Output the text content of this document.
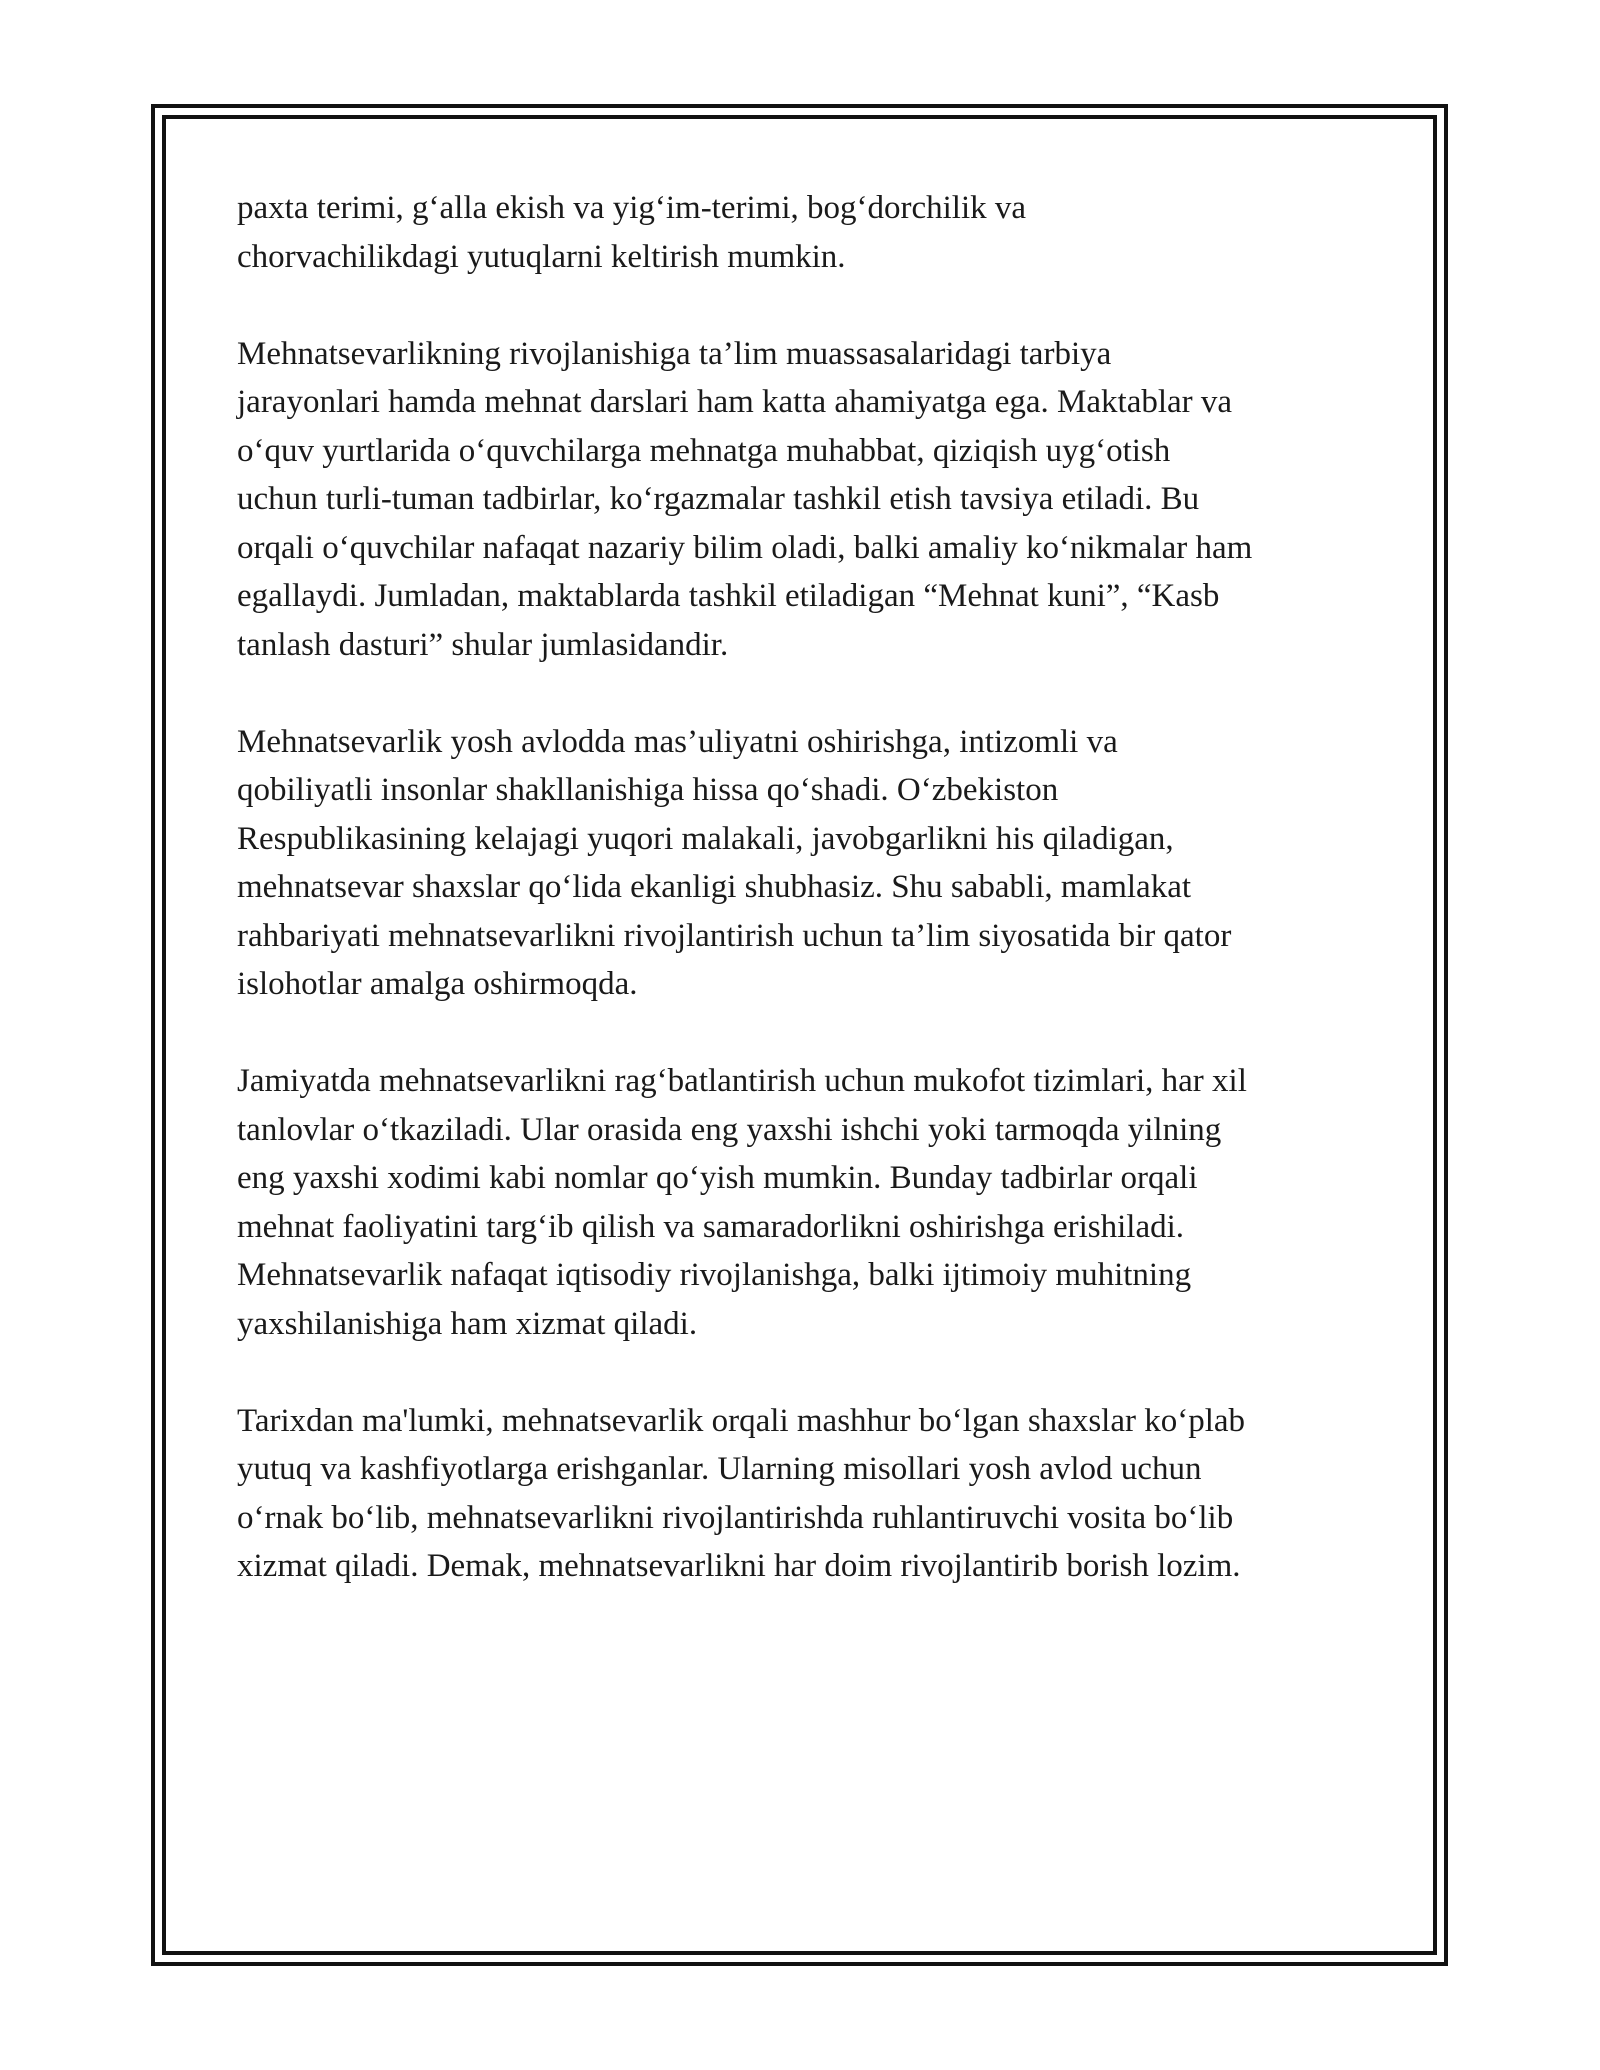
paxta terimi, g‘alla ekish va yig‘im-terimi, bog‘dorchilik va
chorvachilikdagi yutuqlarni keltirish mumkin.

Mehnatsevarlikning rivojlanishiga ta’lim muassasalaridagi tarbiya
jarayonlari hamda mehnat darslari ham katta ahamiyatga ega. Maktablar va
o‘quv yurtlarida o‘quvchilarga mehnatga muhabbat, qiziqish uyg‘otish
uchun turli-tuman tadbirlar, ko‘rgazmalar tashkil etish tavsiya etiladi. Bu
orqali o‘quvchilar nafaqat nazariy bilim oladi, balki amaliy ko‘nikmalar ham
egallaydi. Jumladan, maktablarda tashkil etiladigan “Mehnat kuni”, “Kasb
tanlash dasturi” shular jumlasidandir.

Mehnatsevarlik yosh avlodda mas’uliyatni oshirishga, intizomli va
qobiliyatli insonlar shakllanishiga hissa qo‘shadi. O‘zbekiston
Respublikasining kelajagi yuqori malakali, javobgarlikni his qiladigan,
mehnatsevar shaxslar qo‘lida ekanligi shubhasiz. Shu sababli, mamlakat
rahbariyati mehnatsevarlikni rivojlantirish uchun ta’lim siyosatida bir qator
islohotlar amalga oshirmoqda.

Jamiyatda mehnatsevarlikni rag‘batlantirish uchun mukofot tizimlari, har xil
tanlovlar o‘tkaziladi. Ular orasida eng yaxshi ishchi yoki tarmoqda yilning
eng yaxshi xodimi kabi nomlar qo‘yish mumkin. Bunday tadbirlar orqali
mehnat faoliyatini targ‘ib qilish va samaradorlikni oshirishga erishiladi.
Mehnatsevarlik nafaqat iqtisodiy rivojlanishga, balki ijtimoiy muhitning
yaxshilanishiga ham xizmat qiladi.

Tarixdan ma'lumki, mehnatsevarlik orqali mashhur bo‘lgan shaxslar ko‘plab
yutuq va kashfiyotlarga erishganlar. Ularning misollari yosh avlod uchun
o‘rnak bo‘lib, mehnatsevarlikni rivojlantirishda ruhlantiruvchi vosita bo‘lib
xizmat qiladi. Demak, mehnatsevarlikni har doim rivojlantirib borish lozim.
